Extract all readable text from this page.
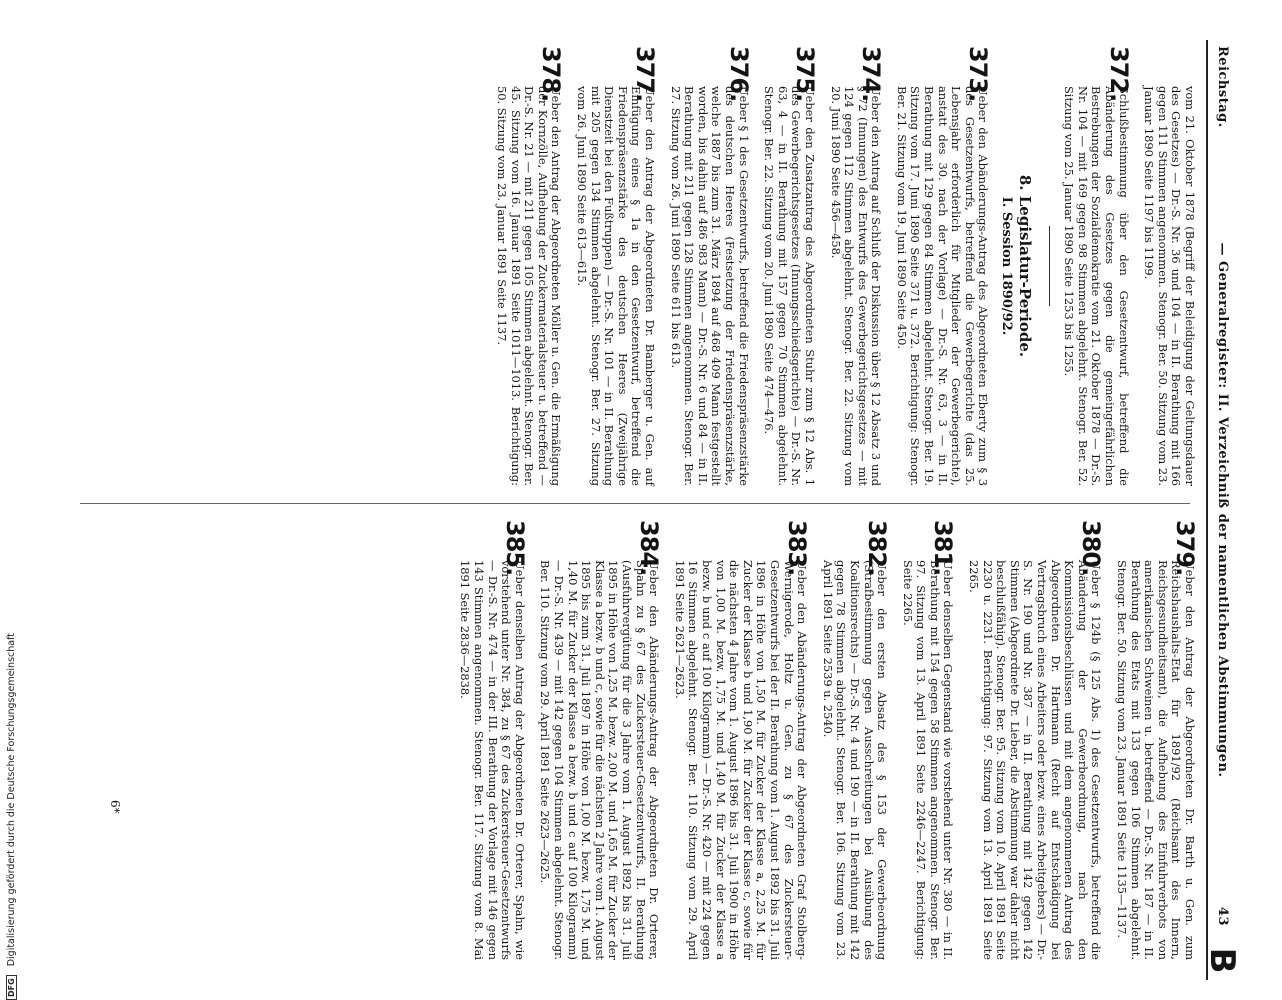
Reichstag.
— Generalregister: II. Verzeichniß der namentlichen Abstimmungen.
43
B
vom 21. Oktober 1878 (Begriff der Beleidigung der Geltungsdauer des Gesetzes) — Dr.-S. Nr. 36 und 104 — in II. Berathung mit 166 gegen 111 Stimmen angenommen. Stenogr. Ber. 50. Sitzung vom 23. Januar 1890 Seite 1197 bis 1199.
372.
Schlußbestimmung über den Gesetzentwurf, betreffend die Abänderung des Gesetzes gegen die gemeingefährlichen Bestrebungen der Sozialdemokratie vom 21. Oktober 1878 — Dr.-S. Nr. 104 — mit 169 gegen 98 Stimmen abgelehnt. Stenogr. Ber. 52. Sitzung vom 25. Januar 1890 Seite 1253 bis 1255.
8. Legislatur-Periode.
I. Session 1890/92.
373.
Ueber den Abänderungs-Antrag des Abgeordneten Eberty zum § 3 des Gesetzentwurfs, betreffend die Gewerbegerichte (das 25. Lebensjahr erforderlich für Mitglieder der Gewerbegerichte), anstatt des 30. nach der Vorlage) — Dr.-S. Nr. 63, 3 — in II. Berathung mit 129 gegen 84 Stimmen abgelehnt. Stenogr. Ber. 19. Sitzung vom 17. Juni 1890 Seite 371 u. 372. Berichtigung: Stenogr. Ber. 21. Sitzung vom 19. Juni 1890 Seite 450.
374.
Ueber den Antrag auf Schluß der Diskussion über § 12 Absatz 3 und § 72 (Innungen) des Entwurfs des Gewerbegerichtsgesetzes — mit 124 gegen 112 Stimmen abgelehnt. Stenogr. Ber. 22. Sitzung vom 20. Juni 1890 Seite 456—458.
375.
Ueber den Zusatzantrag des Abgeordneten Stuhr zum § 12 Abs. 1 des Gewerbegerichtsgesetzes (Innungsschiedsgerichte) — Dr.-S. Nr. 63, 4 — in II. Berathung mit 157 gegen 70 Stimmen abgelehnt. Stenogr. Ber. 22. Sitzung vom 20. Juni 1890 Seite 474—476.
376.
Ueber § 1 des Gesetzentwurfs, betreffend die Friedenspräsenzstärke des deutschen Heeres (Festsetzung der Friedenspräsenzstärke, welche 1887 bis zum 31. März 1894 auf 468 409 Mann festgestellt worden, bis dahin auf 486 983 Mann) — Dr.-S. Nr. 6 und 84 — in II. Berathung mit 211 gegen 128 Stimmen angenommen. Stenogr. Ber. 27. Sitzung vom 26. Juni 1890 Seite 611 bis 613.
377.
Ueber den Antrag der Abgeordneten Dr. Bamberger u. Gen. auf Einfügung eines § 1a in den Gesetzentwurf, betreffend die Friedenspräsenzstärke des deutschen Heeres (Zweijährige Dienstzeit bei den Fußtruppen) — Dr.-S. Nr. 101 — in II. Berathung mit 205 gegen 134 Stimmen abgelehnt. Stenogr. Ber. 27. Sitzung vom 26. Juni 1890 Seite 613—615.
378.
Ueber den Antrag der Abgeordneten Möller u. Gen. die Ermäßigung der Kornzölle, Aufhebung der Zuckermaterialsteuer u. betreffend — Dr.-S. Nr. 21 — mit 211 gegen 105 Stimmen abgelehnt. Stenogr. Ber. 45. Sitzung vom 16. Januar 1891 Seite 1011—1013. Berichtigung: 50. Sitzung vom 23. Januar 1891 Seite 1137.
379.
Ueber den Antrag der Abgeordneten Dr. Barth u. Gen. zum Reichshaushalts-Etat für 1891/92 (Reichsamt des Innern, Reichsgesundheitsamt), die Aufhebung des Einfuhrverbots von amerikanischen Schweinen u. betreffend — Dr.-S. Nr. 187 — in II. Berathung des Etats mit 133 gegen 106 Stimmen abgelehnt. Stenogr. Ber. 50. Sitzung vom 23. Januar 1891 Seite 1135—1137.
380.
Ueber § 124b (§ 125 Abs. 1) des Gesetzentwurfs, betreffend die Abänderung der Gewerbeordnung, nach den Kommissionsbeschlüssen und mit dem angenommenen Antrag des Abgeordneten Dr. Hartmann (Recht auf Entschädigung bei Vertragsbruch eines Arbeiters oder bezw. eines Arbeitgebers) — Dr.-S. Nr. 190 und Nr. 387 — in II. Berathung mit 142 gegen 142 Stimmen (Abgeordnete Dr. Lieber, die Abstimmung war daher nicht beschlußfähig). Stenogr. Ber. 95. Sitzung vom 10. April 1891 Seite 2230 u. 2231. Berichtigung: 97. Sitzung vom 13. April 1891 Seite 2265.
381.
Ueber denselben Gegenstand wie vorstehend unter Nr. 380 — in II. Berathung mit 154 gegen 58 Stimmen angenommen. Stenogr. Ber. 97. Sitzung vom 13. April 1891 Seite 2246—2247. Berichtigung: Seite 2265.
382.
Ueber den ersten Absatz des § 153 der Gewerbeordnung (Strafbestimmung gegen Ausschreitungen bei Ausübung des Koalitionsrechts) — Dr.-S. Nr. 4 und 190 — in II. Berathung mit 142 gegen 78 Stimmen abgelehnt. Stenogr. Ber. 106. Sitzung vom 23. April 1891 Seite 2539 u. 2540.
383.
Ueber den Abänderungs-Antrag der Abgeordneten Graf Stolberg-Wernigerode, Holtz u. Gen. zu § 67 des Zuckersteuer-Gesetzentwurfs bei der II. Berathung vom 1. August 1892 bis 31. Juli 1896 in Höhe von 1,50 M. für Zucker der Klasse a, 2,25 M. für Zucker der Klasse b und 1,90 M. für Zucker der Klasse c, sowie für die nächsten 4 Jahre vom 1. August 1896 bis 31. Juli 1900 in Höhe von 1,00 M. bezw. 1,75 M. und 1,40 M. für Zucker der Klasse a bezw. b und c auf 100 Kilogramm) — Dr.-S. Nr. 420 — mit 224 gegen 16 Stimmen abgelehnt. Stenogr. Ber. 110. Sitzung vom 29. April 1891 Seite 2621—2623.
384.
Ueber den Abänderungs-Antrag der Abgeordneten Dr. Orterer, Spahn zu § 67 des Zuckersteuer-Gesetzentwurfs, II. Berathung (Ausfuhrvergütung für die 3 Jahre vom 1. August 1892 bis 31. Juli 1895 in Höhe von 1,25 M. bezw. 2,00 M. und 1,65 M. für Zucker der Klasse a bezw. b und c, sowie für die nächsten 2 Jahre vom 1. August 1895 bis zum 31. Juli 1897 in Höhe von 1,00 M. bezw. 1,75 M. und 1,40 M. für Zucker der Klasse a bezw. b und c auf 100 Kilogramm) — Dr.-S. Nr. 439 — mit 142 gegen 104 Stimmen abgelehnt. Stenogr. Ber. 110. Sitzung vom 29. April 1891 Seite 2623—2625.
385.
Ueber denselben Antrag der Abgeordneten Dr. Orterer, Spahn, wie vorstehend unter Nr. 384, zu § 67 des Zuckersteuer-Gesetzentwurfs — Dr.-S. Nr. 474 — in der III. Berathung der Vorlage mit 146 gegen 143 Stimmen angenommen. Stenogr. Ber. 117. Sitzung vom 8. Mai 1891 Seite 2836—2838.
6*
DFG Digitalisierung gefördert durch die Deutsche Forschungsgemeinschaft
